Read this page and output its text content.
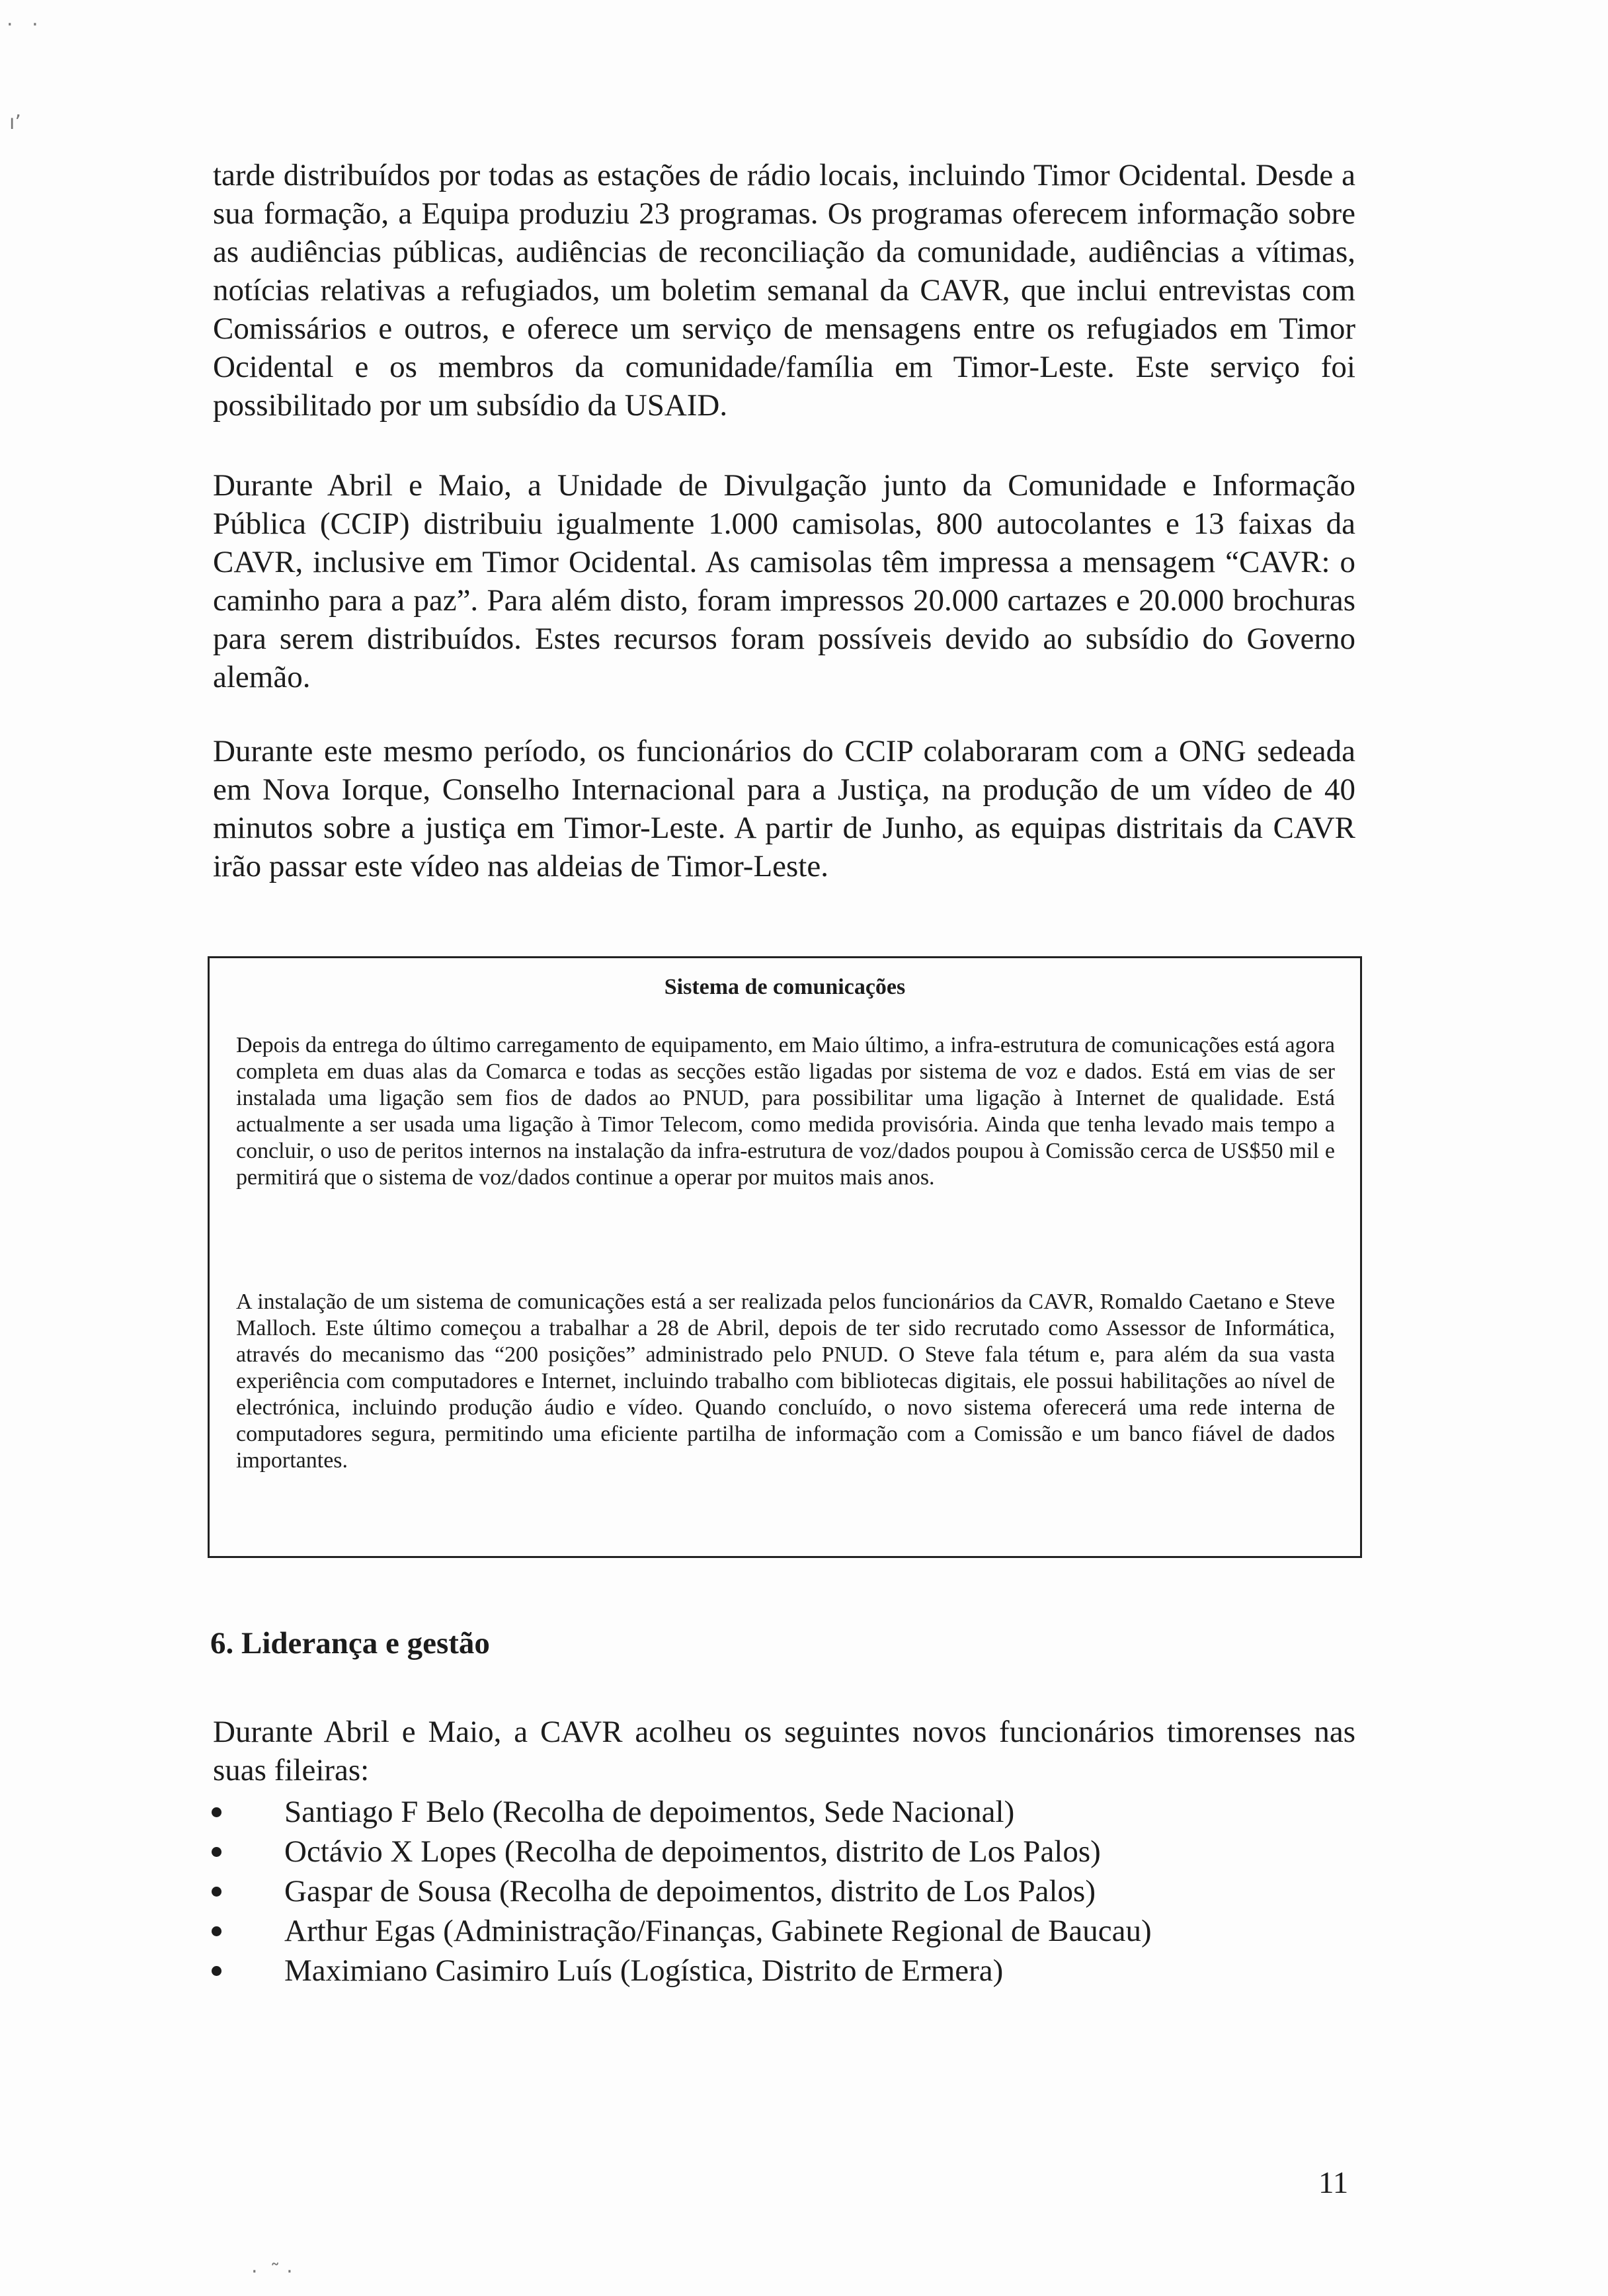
·   ·
ı’
·  ˜ ·

tarde distribuídos por todas as estações de rádio locais, incluindo Timor Ocidental. Desde a sua formação, a Equipa produziu 23 programas. Os programas oferecem informação sobre as audiências públicas, audiências de reconciliação da comunidade, audiências a vítimas, notícias relativas a refugiados, um boletim semanal da CAVR, que inclui entrevistas com Comissários e outros, e oferece um serviço de mensagens entre os refugiados em Timor Ocidental e os membros da comunidade/família em Timor-Leste. Este serviço foi possibilitado por um subsídio da USAID.

Durante Abril e Maio, a Unidade de Divulgação junto da Comunidade e Informação Pública (CCIP) distribuiu igualmente 1.000 camisolas, 800 autocolantes e 13 faixas da CAVR, inclusive em Timor Ocidental. As camisolas têm impressa a mensagem “CAVR: o caminho para a paz”. Para além disto, foram impressos 20.000 cartazes e 20.000 brochuras para serem distribuídos. Estes recursos foram possíveis devido ao subsídio do Governo alemão.

Durante este mesmo período, os funcionários do CCIP colaboraram com a ONG sedeada em Nova Iorque, Conselho Internacional para a Justiça, na produção de um vídeo de 40 minutos sobre a justiça em Timor-Leste. A partir de Junho, as equipas distritais da CAVR irão passar este vídeo nas aldeias de Timor-Leste.

Sistema de comunicações

Depois da entrega do último carregamento de equipamento, em Maio último, a infra-estrutura de comunicações está agora completa em duas alas da Comarca e todas as secções estão ligadas por sistema de voz e dados. Está em vias de ser instalada uma ligação sem fios de dados ao PNUD, para possibilitar uma ligação à Internet de qualidade. Está actualmente a ser usada uma ligação à Timor Telecom, como medida provisória. Ainda que tenha levado mais tempo a concluir, o uso de peritos internos na instalação da infra-estrutura de voz/dados poupou à Comissão cerca de US$50 mil e permitirá que o sistema de voz/dados continue a operar por muitos mais anos.

A instalação de um sistema de comunicações está a ser realizada pelos funcionários da CAVR, Romaldo Caetano e Steve Malloch. Este último começou a trabalhar a 28 de Abril, depois de ter sido recrutado como Assessor de Informática, através do mecanismo das “200 posições” administrado pelo PNUD. O Steve fala tétum e, para além da sua vasta experiência com computadores e Internet, incluindo trabalho com bibliotecas digitais, ele possui habilitações ao nível de electrónica, incluindo produção áudio e vídeo. Quando concluído, o novo sistema oferecerá uma rede interna de computadores segura, permitindo uma eficiente partilha de informação com a Comissão e um banco fiável de dados importantes.

6. Liderança e gestão

Durante Abril e Maio, a CAVR acolheu os seguintes novos funcionários timorenses nas suas fileiras:

Santiago F Belo (Recolha de depoimentos, Sede Nacional)
Octávio X Lopes (Recolha de depoimentos, distrito de Los Palos)
Gaspar de Sousa (Recolha de depoimentos, distrito de Los Palos)
Arthur Egas (Administração/Finanças, Gabinete Regional de Baucau)
Maximiano Casimiro Luís (Logística, Distrito de Ermera)

11
